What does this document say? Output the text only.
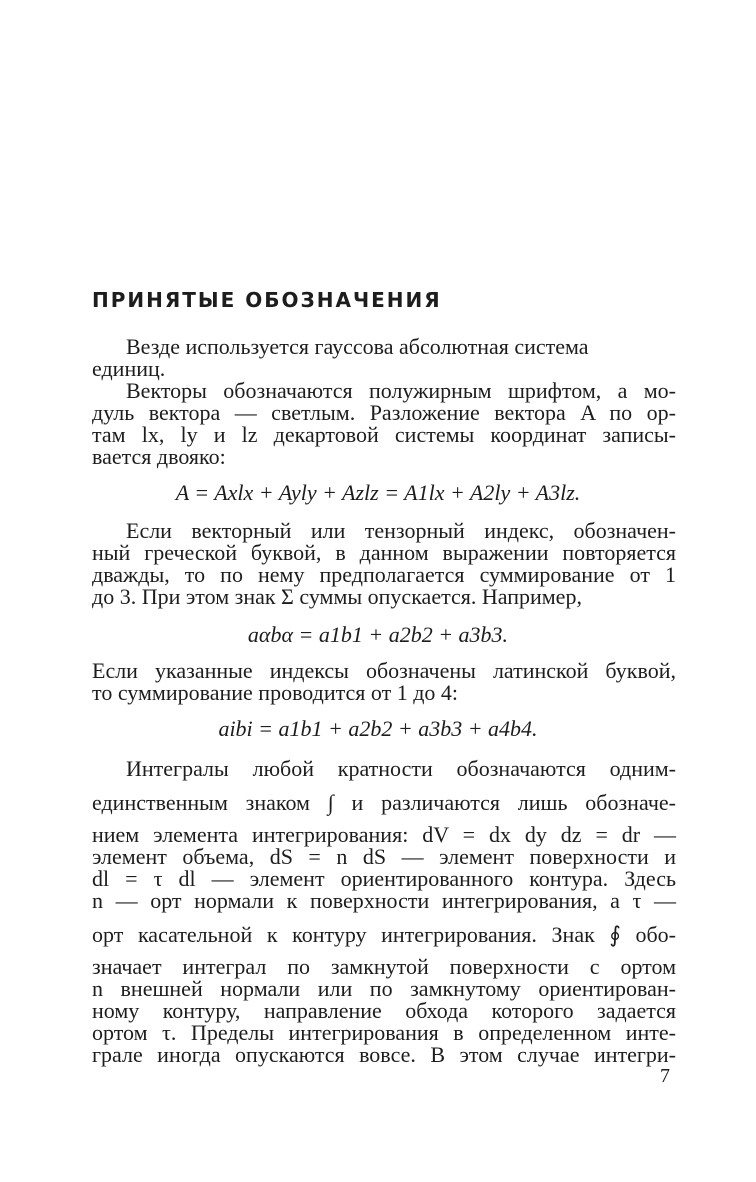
ПРИНЯТЫЕ ОБОЗНАЧЕНИЯ
Везде используется гауссова абсолютная система
единиц.
Векторы обозначаются полужирным шрифтом, а мо-
дуль вектора — светлым. Разложение вектора A по ор-
там lx, ly и lz декартовой системы координат записы-
вается двояко:
A = Axlx + Ayly + Azlz = A1lx + A2ly + A3lz.
Если векторный или тензорный индекс, обозначен-
ный греческой буквой, в данном выражении повторяется
дважды, то по нему предполагается суммирование от 1
до 3. При этом знак Σ суммы опускается. Например,
aαbα = a1b1 + a2b2 + a3b3.
Если указанные индексы обозначены латинской буквой,
то суммирование проводится от 1 до 4:
aibi = a1b1 + a2b2 + a3b3 + a4b4.
Интегралы любой кратности обозначаются одним-
единственным знаком ∫ и различаются лишь обозначе-
нием элемента интегрирования: dV = dx dy dz = dr —
элемент объема, dS = n dS — элемент поверхности и
dl = τ dl — элемент ориентированного контура. Здесь
n — орт нормали к поверхности интегрирования, а τ —
орт касательной к контуру интегрирования. Знак ∮ обо-
значает интеграл по замкнутой поверхности с ортом
n внешней нормали или по замкнутому ориентирован-
ному контуру, направление обхода которого задается
ортом τ. Пределы интегрирования в определенном инте-
грале иногда опускаются вовсе. В этом случае интегри-
7
